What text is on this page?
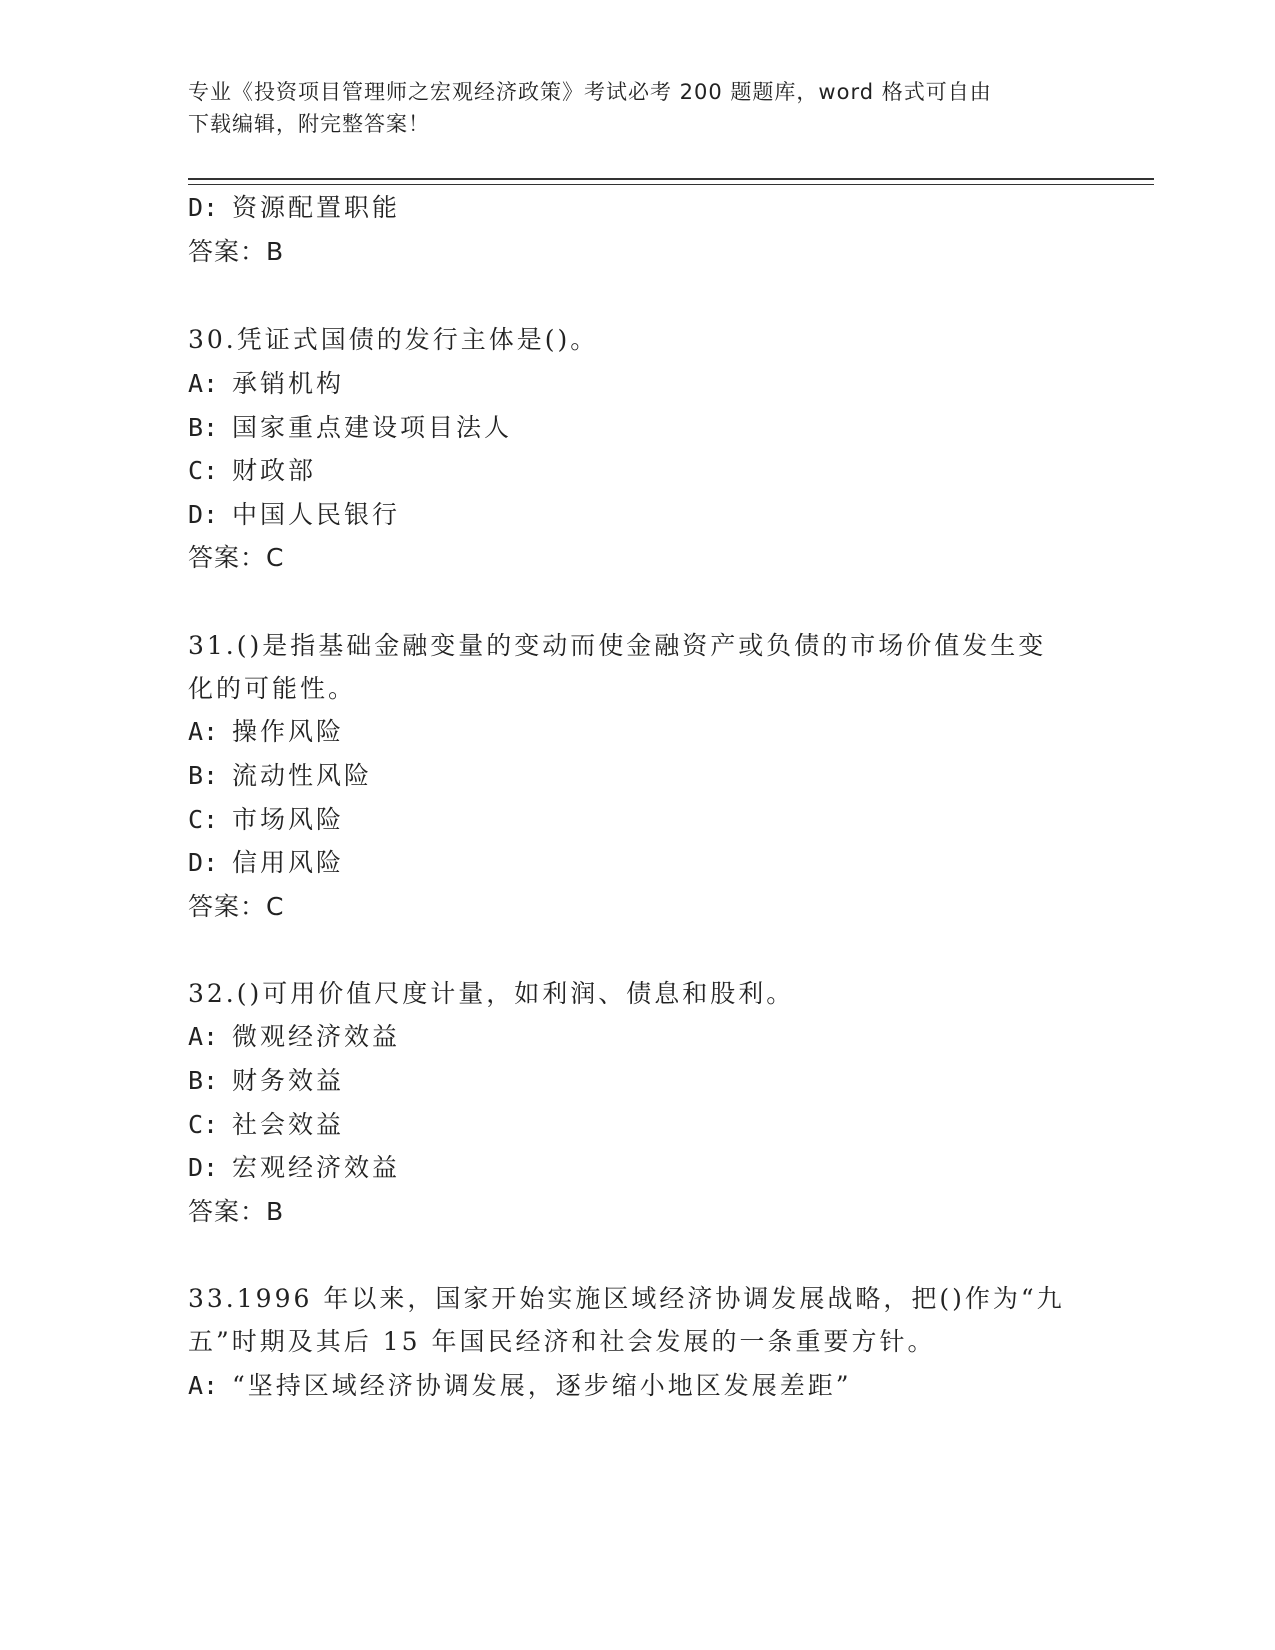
专业《投资项目管理师之宏观经济政策》考试必考 200 题题库，word 格式可自由
下载编辑，附完整答案！
D: 资源配置职能
答案：B
30.凭证式国债的发行主体是()。
A: 承销机构
B: 国家重点建设项目法人
C: 财政部
D: 中国人民银行
答案：C
31.()是指基础金融变量的变动而使金融资产或负债的市场价值发生变
化的可能性。
A: 操作风险
B: 流动性风险
C: 市场风险
D: 信用风险
答案：C
32.()可用价值尺度计量，如利润、债息和股利。
A: 微观经济效益
B: 财务效益
C: 社会效益
D: 宏观经济效益
答案：B
33.1996 年以来，国家开始实施区域经济协调发展战略，把()作为“九
五”时期及其后 15 年国民经济和社会发展的一条重要方针。
A: “坚持区域经济协调发展，逐步缩小地区发展差距”
